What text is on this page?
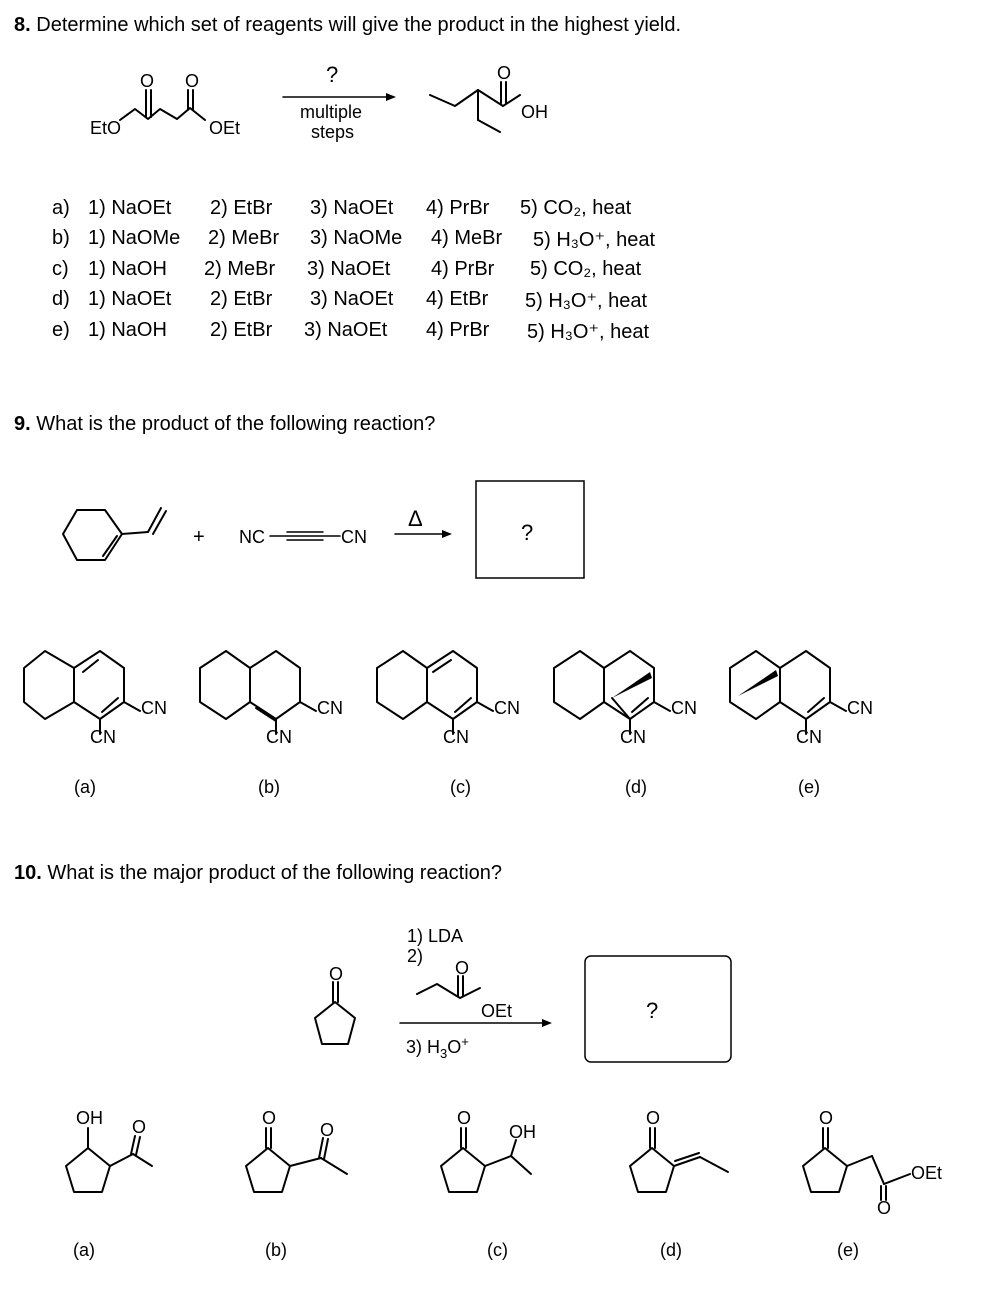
8. Determine which set of reagents will give the product in the highest yield.
O O
EtO	OEt
?
multiple
steps
O
OH
a) 1) NaOEt 2) EtBr 3) NaOEt 4) PrBr 5) CO₂, heat
b) 1) NaOMe 2) MeBr 3) NaOMe 4) MeBr 5) H₃O⁺, heat
c) 1) NaOH 2) MeBr 3) NaOEt 4) PrBr 5) CO₂, heat
d) 1) NaOEt 2) EtBr 3) NaOEt 4) EtBr 5) H₃O⁺, heat
e) 1) NaOH 2) EtBr 3) NaOEt 4) PrBr 5) H₃O⁺, heat
9. What is the product of the following reaction?
+ NC	CN
Δ
?
CN
CN
CN
CN
CN
CN
CN
CN
CN
CN
(a)	(b)	(c)	(d)	(e)
10. What is the major product of the following reaction?
O
1) LDA
2)
O
OEt
3) $H_3O^+$
?
OH O	O
O
O
OH
O	O
O
OEt
(a)	(b)	(c)	(d)	(e)
